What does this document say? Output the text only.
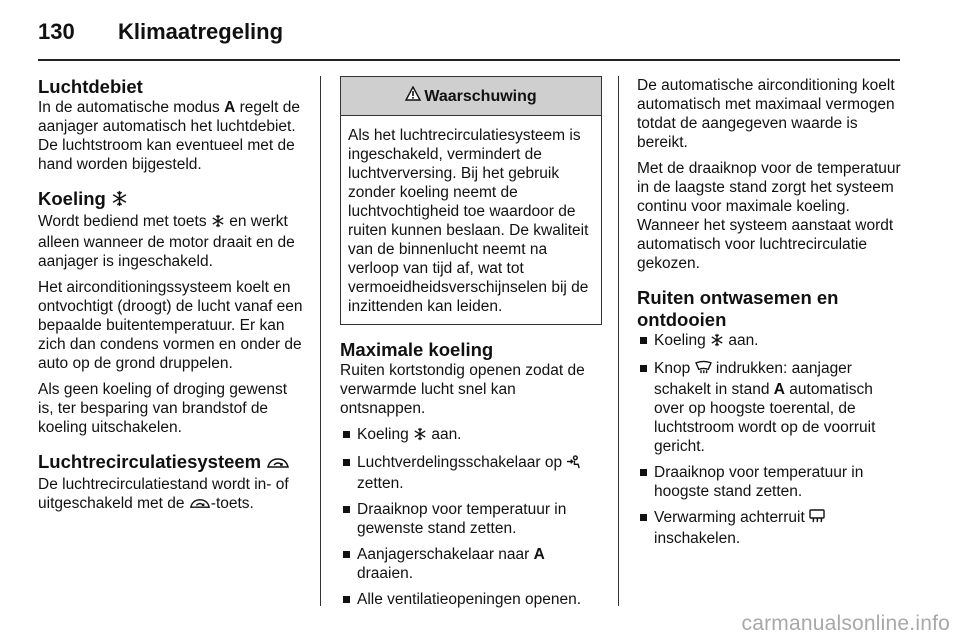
130	Klimaatregeling
Luchtdebiet

In de automatische modus A regelt de aanjager automatisch het luchtdebiet. De luchtstroom kan eventueel met de hand worden bijgesteld.

Koeling

Wordt bediend met toets  en werkt alleen wanneer de motor draait en de aanjager is ingeschakeld.

Het airconditioningssysteem koelt en ontvochtigt (droogt) de lucht vanaf een bepaalde buitentemperatuur. Er kan zich dan condens vormen en onder de auto op de grond druppelen.

Als geen koeling of droging gewenst is, ter besparing van brandstof de koeling uitschakelen.

Luchtrecirculatiesysteem

De luchtrecirculatiestand wordt in- of uitgeschakeld met de -toets.

Waarschuwing
Als het luchtrecirculatiesysteem is ingeschakeld, vermindert de luchtverversing. Bij het gebruik zonder koeling neemt de luchtvochtigheid toe waardoor de ruiten kunnen beslaan. De kwaliteit van de binnenlucht neemt na verloop van tijd af, wat tot vermoeidheidsverschijnselen bij de inzittenden kan leiden.
Maximale koeling

Ruiten kortstondig openen zodat de verwarmde lucht snel kan ontsnappen.

Koeling  aan.
Luchtverdelingsschakelaar op  zetten.
Draaiknop voor temperatuur in gewenste stand zetten.
Aanjagerschakelaar naar A draaien.
Alle ventilatieopeningen openen.

De automatische airconditioning koelt automatisch met maximaal vermogen totdat de aangegeven waarde is bereikt.

Met de draaiknop voor de temperatuur in de laagste stand zorgt het systeem continu voor maximale koeling. Wanneer het systeem aanstaat wordt automatisch voor luchtrecirculatie gekozen.

Ruiten ontwasemen en ontdooien
Koeling  aan.
Knop  indrukken: aanjager schakelt in stand A automatisch over op hoogste toerental, de luchtstroom wordt op de voorruit gericht.
Draaiknop voor temperatuur in hoogste stand zetten.
Verwarming achterruit  inschakelen.
carmanualsonline.info
